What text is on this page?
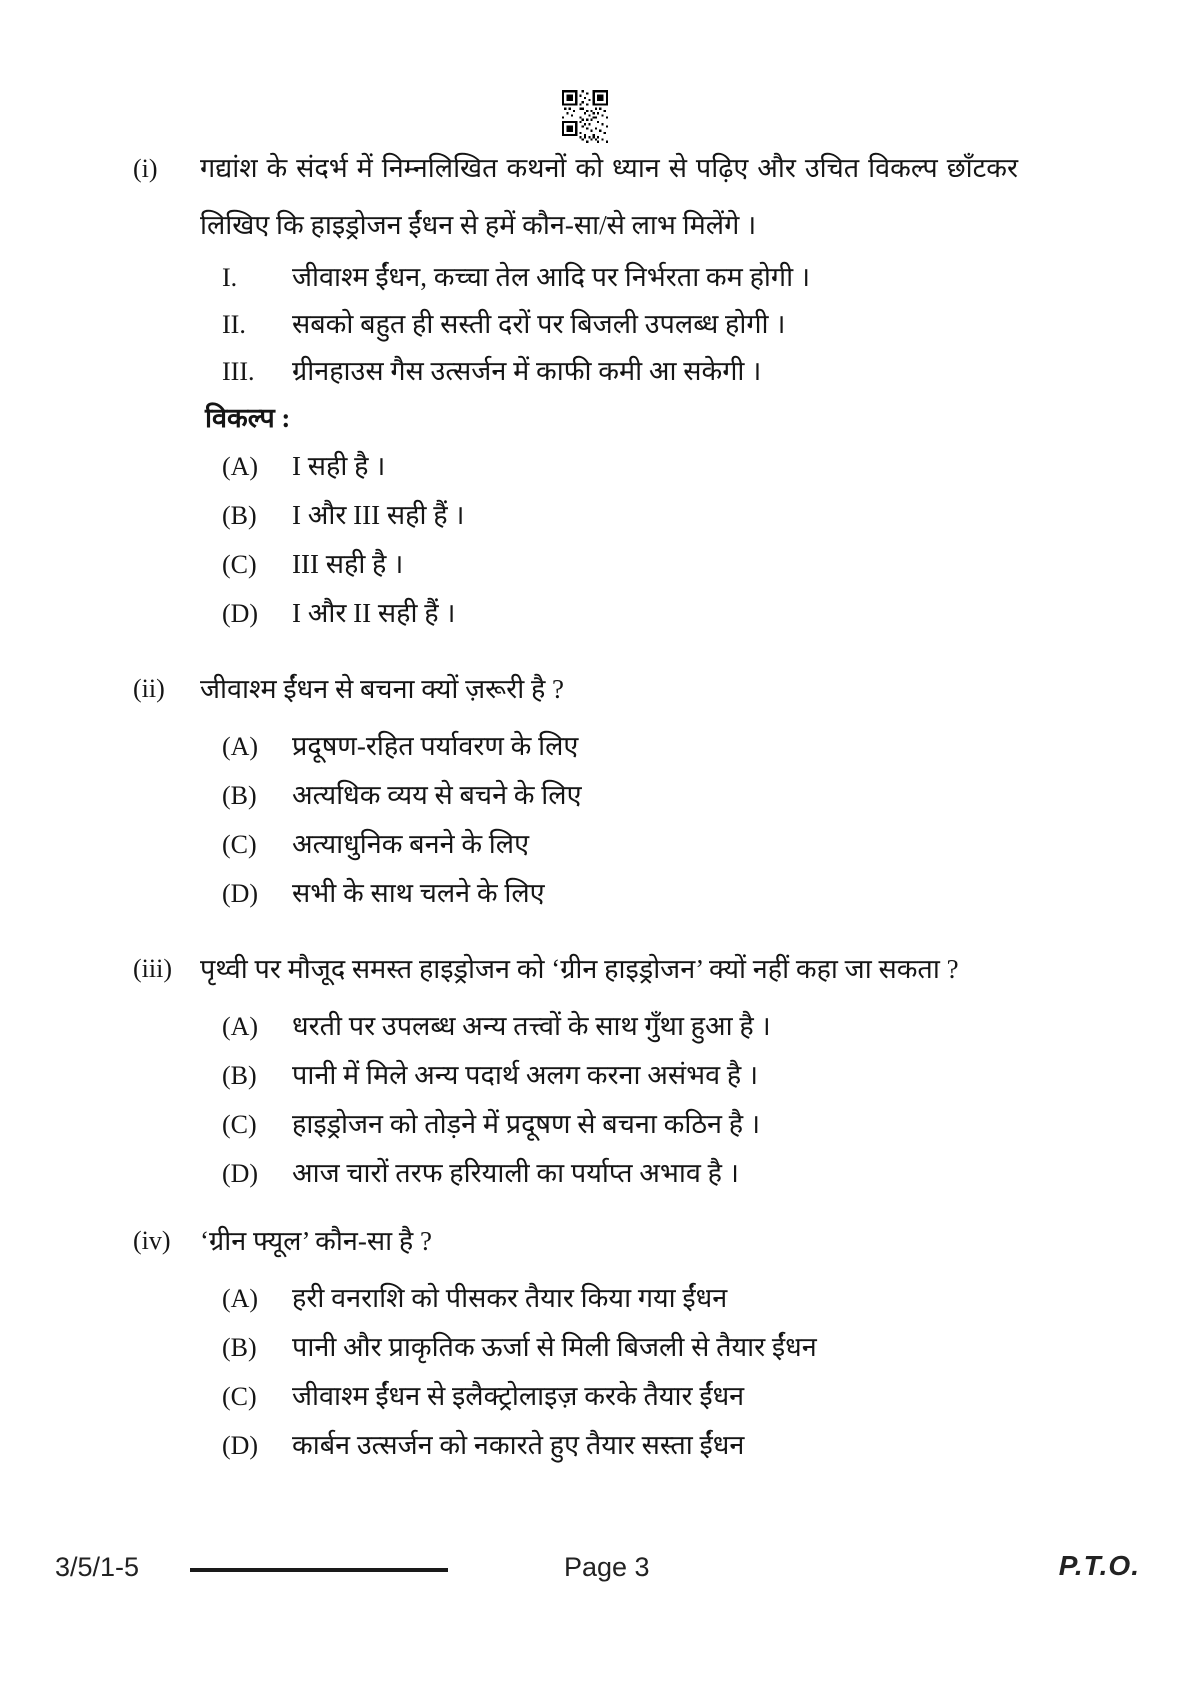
(i)	गद्यांश के संदर्भ में निम्नलिखित कथनों को ध्यान से पढ़िए और उचित विकल्प छाँटकर लिखिए कि हाइड्रोजन ईंधन से हमें कौन-सा/से लाभ मिलेंगे ।
I.	जीवाश्म ईंधन, कच्चा तेल आदि पर निर्भरता कम होगी ।
II.	सबको बहुत ही सस्ती दरों पर बिजली उपलब्ध होगी ।
III.	ग्रीनहाउस गैस उत्सर्जन में काफी कमी आ सकेगी ।
विकल्प :
(A)	I सही है ।
(B)	I और III सही हैं ।
(C)	III सही है ।
(D)	I और II सही हैं ।
(ii)	जीवाश्म ईंधन से बचना क्यों ज़रूरी है ?
(A)	प्रदूषण-रहित पर्यावरण के लिए
(B)	अत्यधिक व्यय से बचने के लिए
(C)	अत्याधुनिक बनने के लिए
(D)	सभी के साथ चलने के लिए
(iii)	पृथ्वी पर मौजूद समस्त हाइड्रोजन को ‘ग्रीन हाइड्रोजन’ क्यों नहीं कहा जा सकता ?
(A)	धरती पर उपलब्ध अन्य तत्त्वों के साथ गुँथा हुआ है ।
(B)	पानी में मिले अन्य पदार्थ अलग करना असंभव है ।
(C)	हाइड्रोजन को तोड़ने में प्रदूषण से बचना कठिन है ।
(D)	आज चारों तरफ हरियाली का पर्याप्त अभाव है ।
(iv)	‘ग्रीन फ्यूल’ कौन-सा है ?
(A)	हरी वनराशि को पीसकर तैयार किया गया ईंधन
(B)	पानी और प्राकृतिक ऊर्जा से मिली बिजली से तैयार ईंधन
(C)	जीवाश्म ईंधन से इलैक्ट्रोलाइज़ करके तैयार ईंधन
(D)	कार्बन उत्सर्जन को नकारते हुए तैयार सस्ता ईंधन
3/5/1-5	Page 3	P.T.O.
